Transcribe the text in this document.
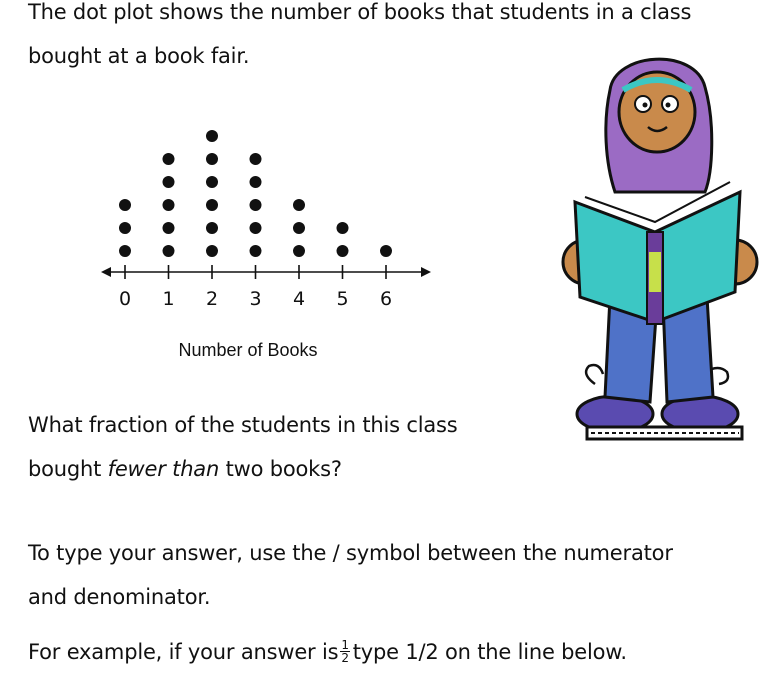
The dot plot shows the number of books that students in a class
bought at a book fair.
0 1 2 3 4 5 6
Number of Books
What fraction of the students in this class
bought fewer than two books?
To type your answer, use the / symbol between the numerator
and denominator.
For example, if your answer is $\frac{1}{2}$ type 1/2 on the line below.
